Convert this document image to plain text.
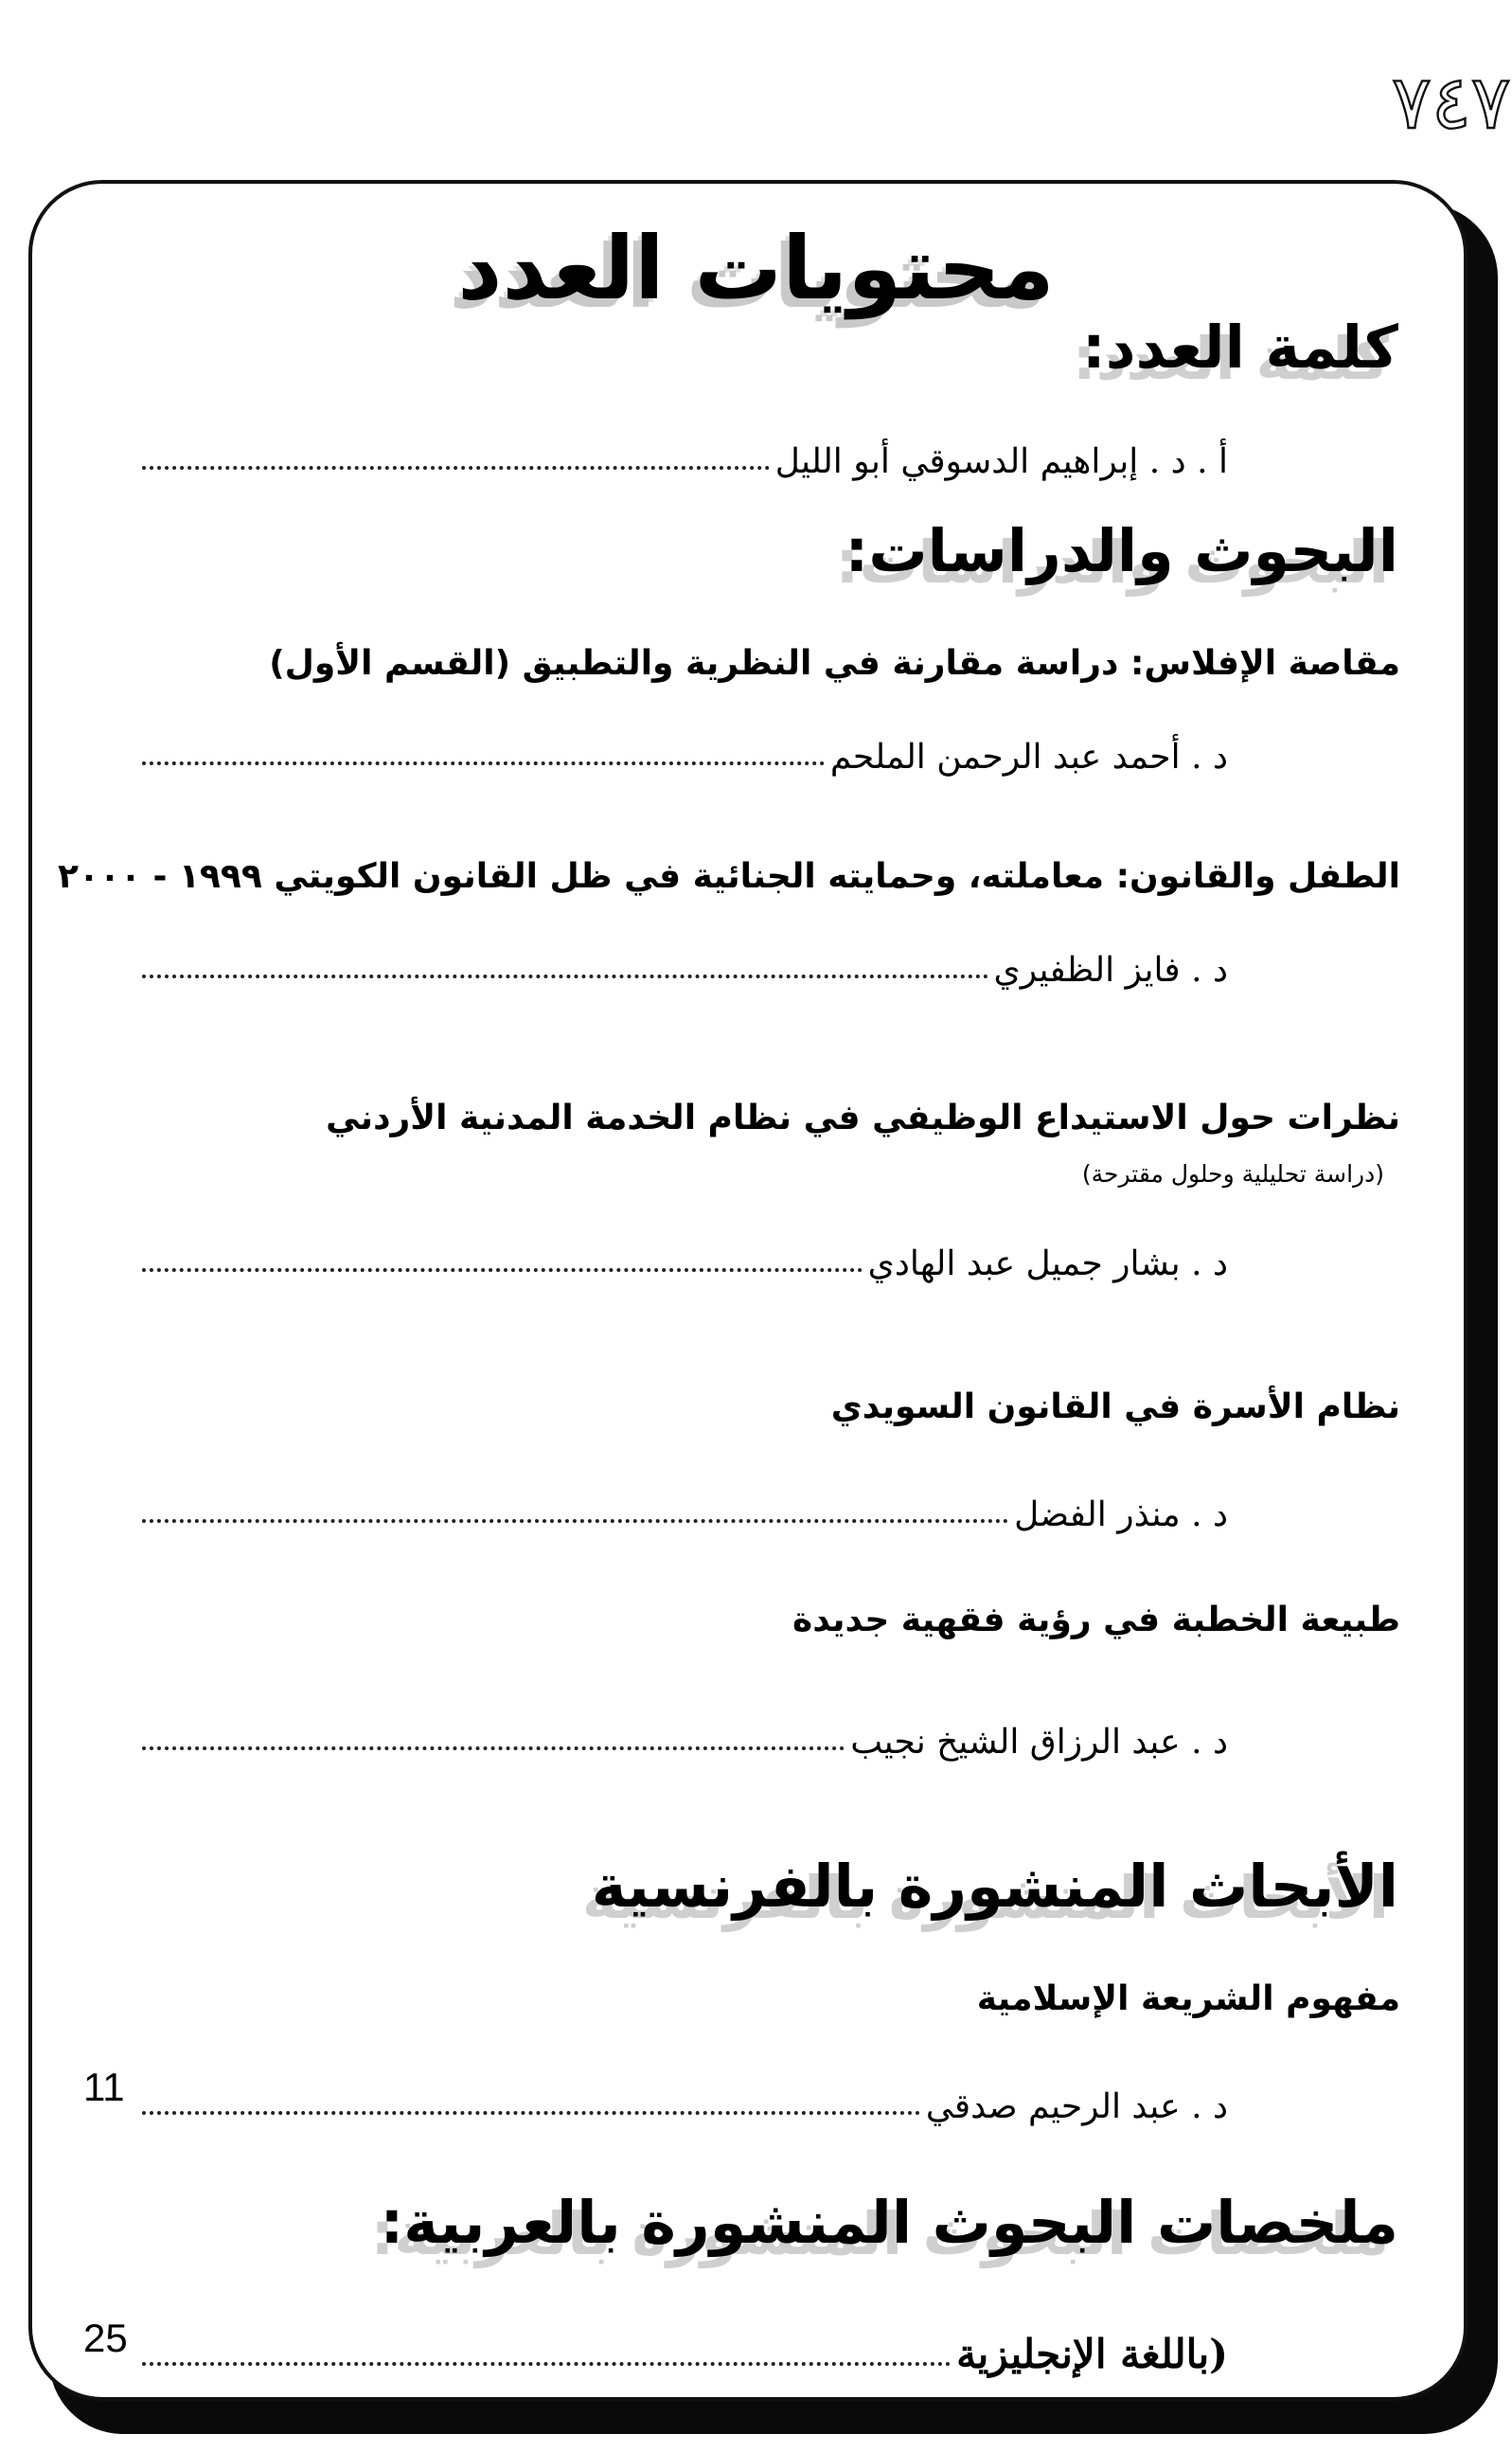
٧٤٧
محتويات العدد
كلمة العدد:
أ . د . إبراهيم الدسوقي أبو الليل
البحوث والدراسات:
مقاصة الإفلاس: دراسة مقارنة في النظرية والتطبيق (القسم الأول)
د . أحمد عبد الرحمن الملحم
الطفل والقانون: معاملته، وحمايته الجنائية في ظل القانون الكويتي ١٩٩٩ - ٢٠٠٠
د . فايز الظفيري
نظرات حول الاستيداع الوظيفي في نظام الخدمة المدنية الأردني
(دراسة تحليلية وحلول مقترحة)
د . بشار جميل عبد الهادي
نظام الأسرة في القانون السويدي
د . منذر الفضل
طبيعة الخطبة في رؤية فقهية جديدة
د . عبد الرزاق الشيخ نجيب
الأبحاث المنشورة بالفرنسية
مفهوم الشريعة الإسلامية
11	د . عبد الرحيم صدقي
ملخصات البحوث المنشورة بالعربية:
25	(باللغة الإنجليزية
